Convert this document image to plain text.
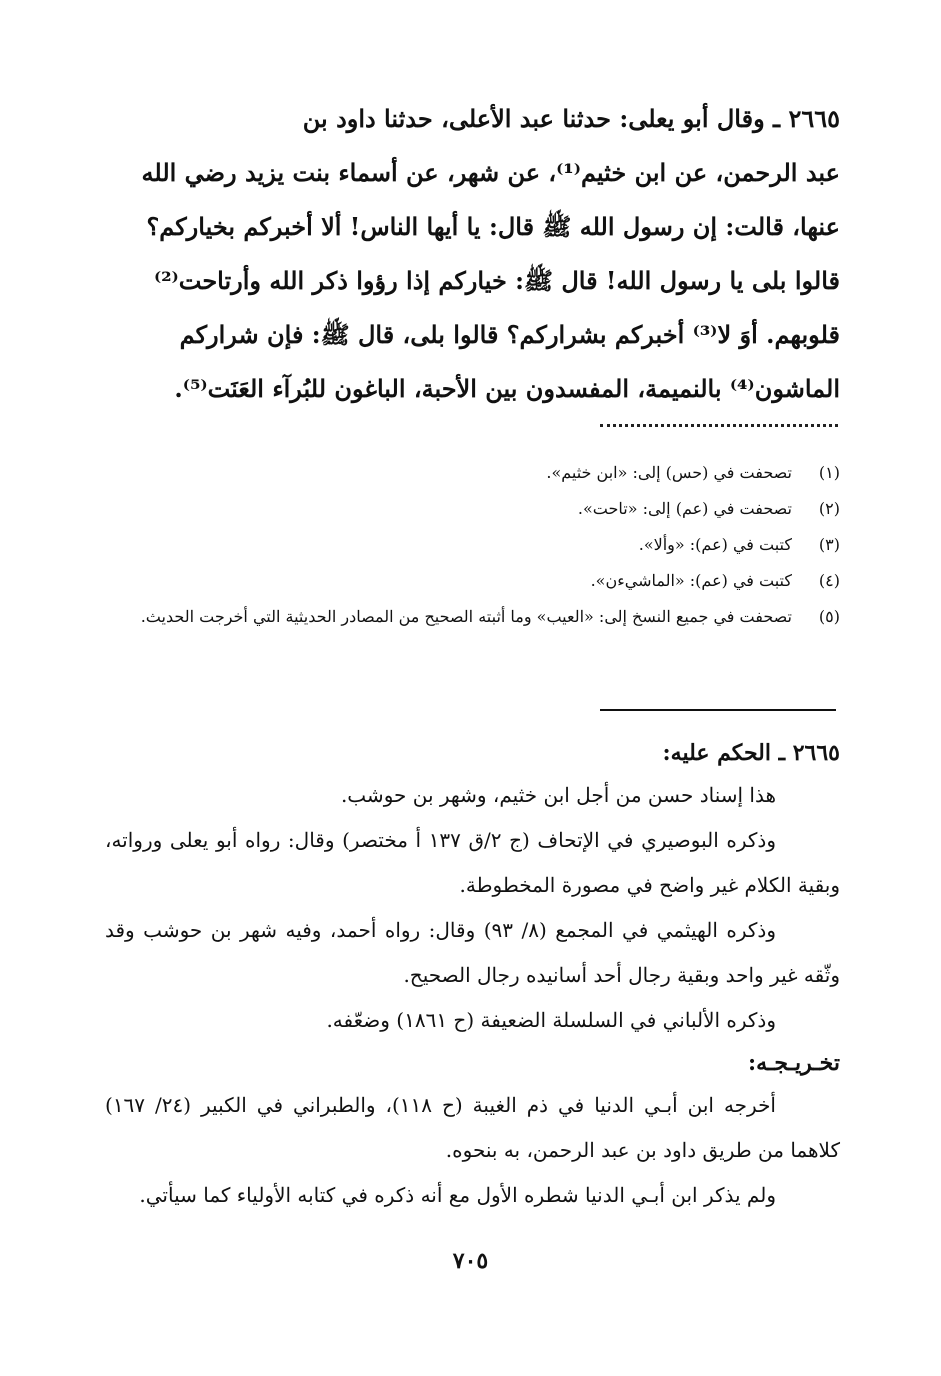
٢٦٦٥ ـ وقال أبو يعلى: حدثنا عبد الأعلى، حدثنا داود بن

عبد الرحمن، عن ابن خثيم⁽¹⁾، عن شهر، عن أسماء بنت يزيد رضي الله

عنها، قالت: إن رسول الله ﷺ قال: يا أيها الناس! ألا أخبركم بخياركم؟

قالوا بلى يا رسول الله! قال ﷺ: خياركم إذا رؤوا ذكر الله وأرتاحت⁽²⁾

قلوبهم. أوَ لا⁽³⁾ أخبركم بشراركم؟ قالوا بلى، قال ﷺ: فإن شراركم

الماشون⁽⁴⁾ بالنميمة، المفسدون بين الأحبة، الباغون للبُرآء العَنَت⁽⁵⁾.

(١)
تصحفت في (حس) إلى: «ابن خثيم».
(٢)
تصحفت في (عم) إلى: «تاحت».
(٣)
كتبت في (عم): «وألا».
(٤)
كتبت في (عم): «الماشيءن».
(٥)
تصحفت في جميع النسخ إلى: «العيب» وما أثبته الصحيح من المصادر الحديثية التي أخرجت الحديث.

٢٦٦٥ ـ الحكم عليه:

هذا إسناد حسن من أجل ابن خثيم، وشهر بن حوشب.

وذكره البوصيري في الإتحاف (ج ٢/ق ١٣٧ أ مختصر) وقال: رواه أبو يعلى ورواته، وبقية الكلام غير واضح في مصورة المخطوطة.

وذكره الهيثمي في المجمع (٨/ ٩٣) وقال: رواه أحمد، وفيه شهر بن حوشب وقد وثّقه غير واحد وبقية رجال أحد أسانيده رجال الصحيح.

وذكره الألباني في السلسلة الضعيفة (ح ١٨٦١) وضعّفه.

تخـريـجـه:

أخرجه ابن أبـي الدنيا في ذم الغيبة (ح ١١٨)، والطبراني في الكبير (٢٤/ ١٦٧) كلاهما من طريق داود بن عبد الرحمن، به بنحوه.

ولم يذكر ابن أبـي الدنيا شطره الأول مع أنه ذكره في كتابه الأولياء كما سيأتي.

٧٠٥
